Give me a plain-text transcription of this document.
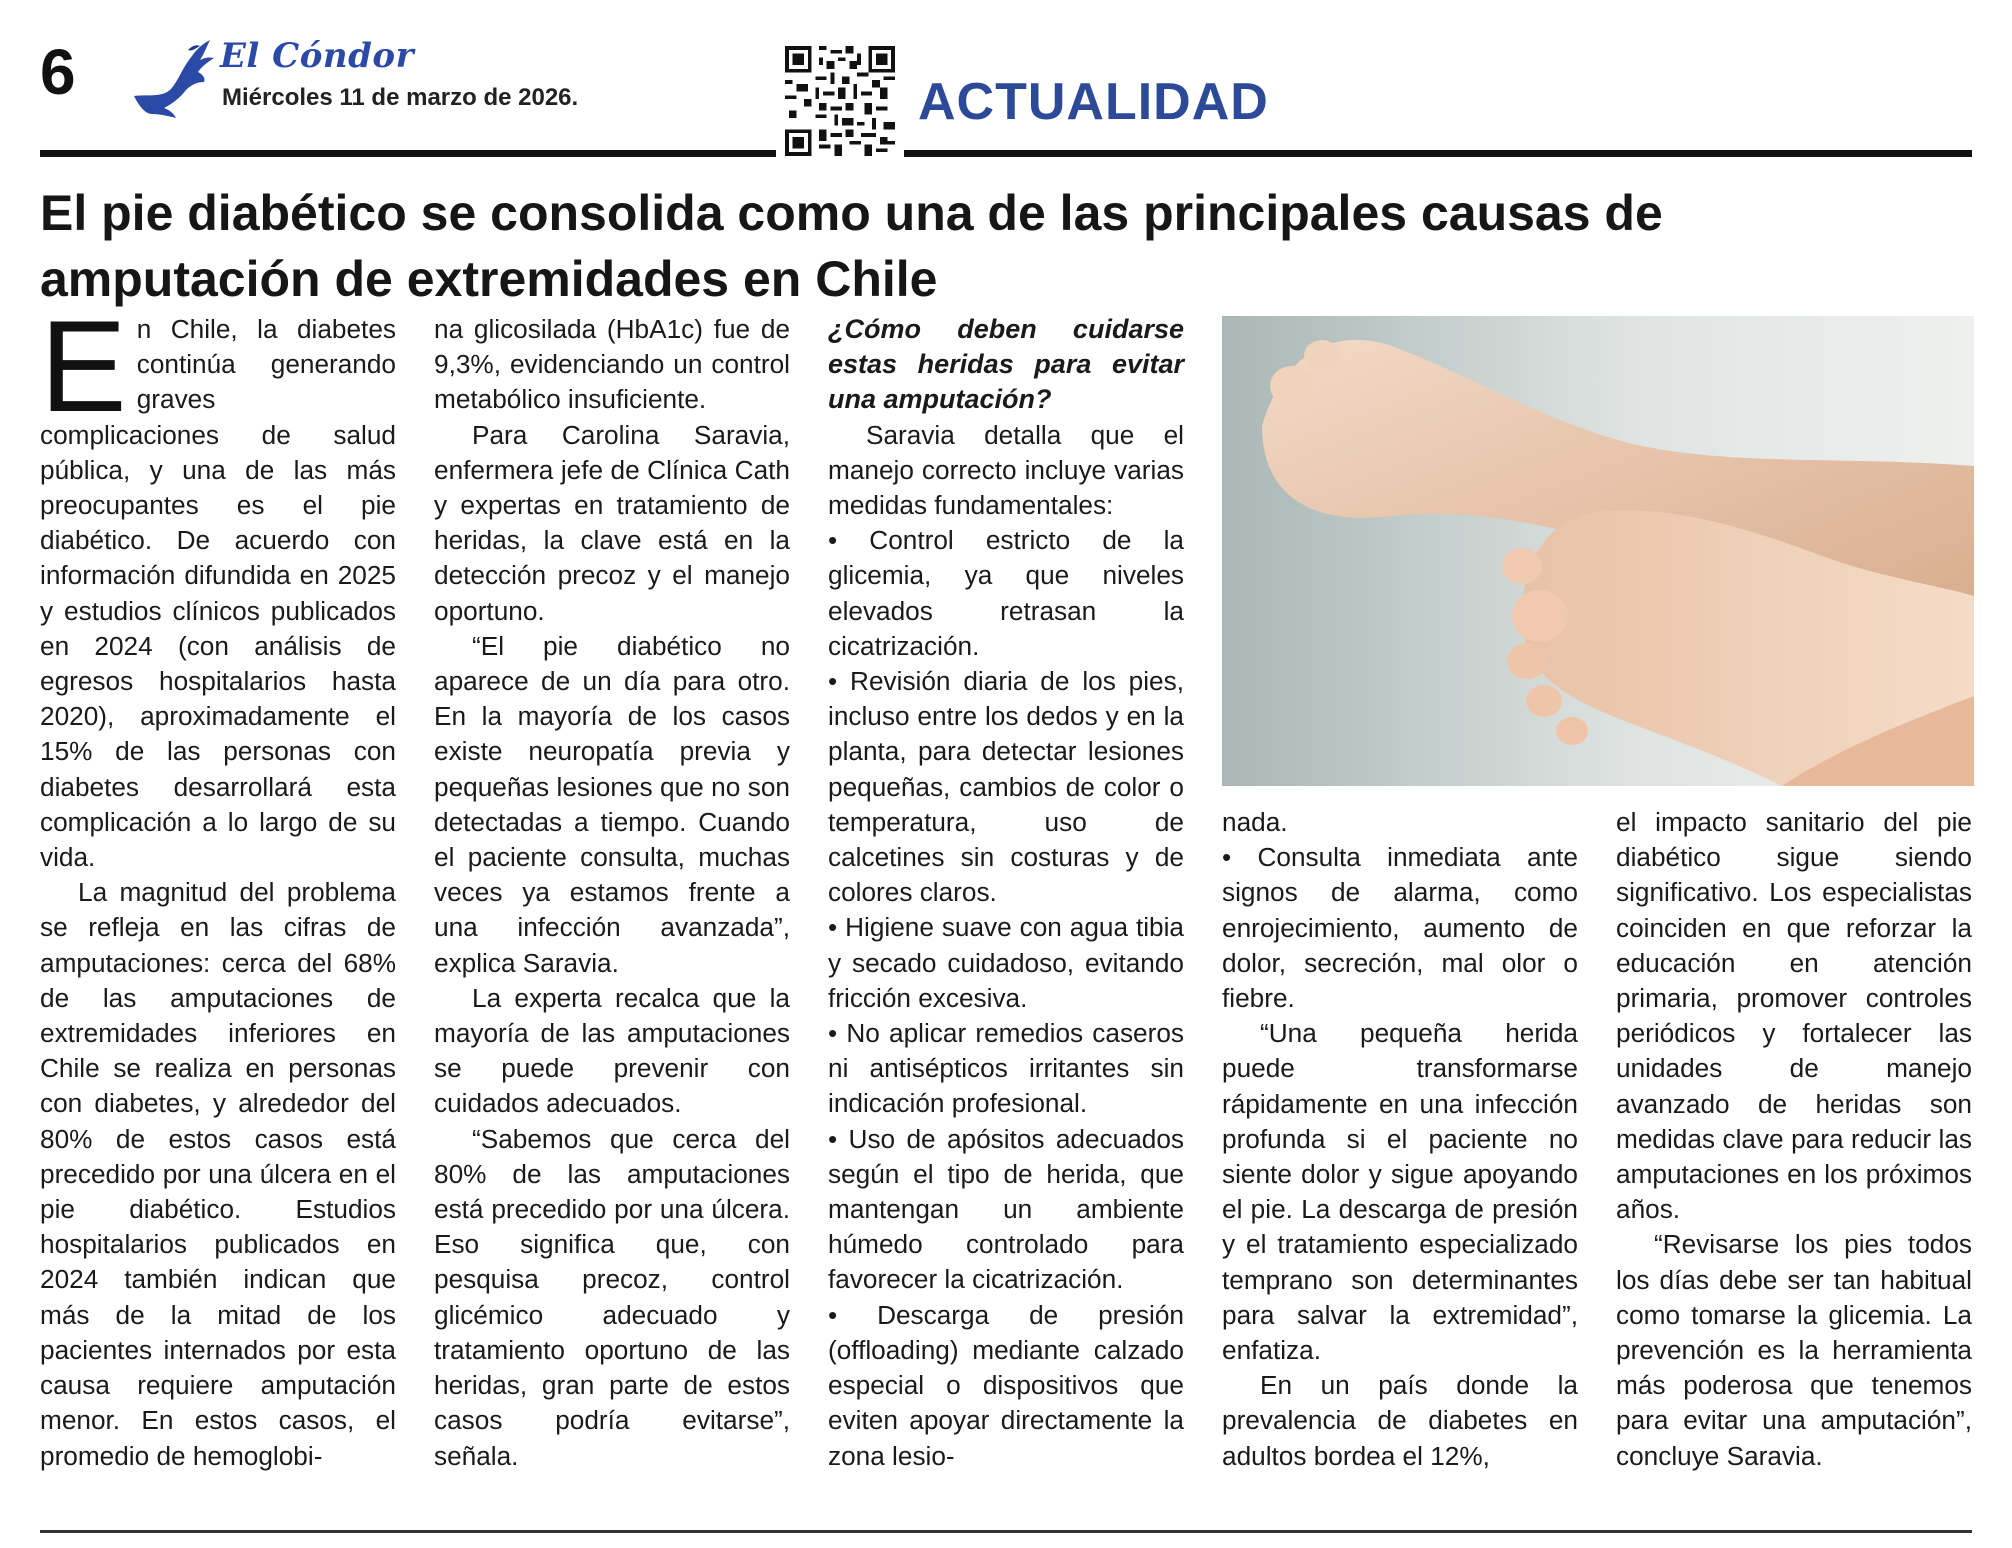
6	El Cóndor
Miércoles 11 de marzo de 2026.	ACTUALIDAD
El pie diabético se consolida como una de las principales causas de amputación de extremidades en Chile

En Chile, la diabetes continúa generando graves complicaciones de salud pública, y una de las más preocupantes es el pie diabético. De acuerdo con información difundida en 2025 y estudios clínicos publicados en 2024 (con análisis de egresos hospitalarios hasta 2020), aproximadamente el 15% de las personas con diabetes desarrollará esta complicación a lo largo de su vida.

La magnitud del problema se refleja en las cifras de amputaciones: cerca del 68% de las amputaciones de extremidades inferiores en Chile se realiza en personas con diabetes, y alrededor del 80% de estos casos está precedido por una úlcera en el pie diabético. Estudios hospitalarios publicados en 2024 también indican que más de la mitad de los pacientes internados por esta causa requiere amputación menor. En estos casos, el promedio de hemoglobi-

na glicosilada (HbA1c) fue de 9,3%, evidenciando un control metabólico insuficiente.

Para Carolina Saravia, enfermera jefe de Clínica Cath y expertas en tratamiento de heridas, la clave está en la detección precoz y el manejo oportuno.

“El pie diabético no aparece de un día para otro. En la mayoría de los casos existe neuropatía previa y pequeñas lesiones que no son detectadas a tiempo. Cuando el paciente consulta, muchas veces ya estamos frente a una infección avanzada”, explica Saravia.

La experta recalca que la mayoría de las amputaciones se puede prevenir con cuidados adecuados.

“Sabemos que cerca del 80% de las amputaciones está precedido por una úlcera. Eso significa que, con pesquisa precoz, control glicémico adecuado y tratamiento oportuno de las heridas, gran parte de estos casos podría evitarse”, señala.

¿Cómo deben cuidarse estas heridas para evitar una amputación?

Saravia detalla que el manejo correcto incluye varias medidas fundamentales:

• Control estricto de la glicemia, ya que niveles elevados retrasan la cicatrización.

• Revisión diaria de los pies, incluso entre los dedos y en la planta, para detectar lesiones pequeñas, cambios de color o temperatura, uso de calcetines sin costuras y de colores claros.

• Higiene suave con agua tibia y secado cuidadoso, evitando fricción excesiva.

• No aplicar remedios caseros ni antisépticos irritantes sin indicación profesional.

• Uso de apósitos adecuados según el tipo de herida, que mantengan un ambiente húmedo controlado para favorecer la cicatrización.

• Descarga de presión (offloading) mediante calzado especial o dispositivos que eviten apoyar directamente la zona lesio-

nada.

• Consulta inmediata ante signos de alarma, como enrojecimiento, aumento de dolor, secreción, mal olor o fiebre.

“Una pequeña herida puede transformarse rápidamente en una infección profunda si el paciente no siente dolor y sigue apoyando el pie. La descarga de presión y el tratamiento especializado temprano son determinantes para salvar la extremidad”, enfatiza.

En un país donde la prevalencia de diabetes en adultos bordea el 12%,

el impacto sanitario del pie diabético sigue siendo significativo. Los especialistas coinciden en que reforzar la educación en atención primaria, promover controles periódicos y fortalecer las unidades de manejo avanzado de heridas son medidas clave para reducir las amputaciones en los próximos años.

“Revisarse los pies todos los días debe ser tan habitual como tomarse la glicemia. La prevención es la herramienta más poderosa que tenemos para evitar una amputación”, concluye Saravia.
